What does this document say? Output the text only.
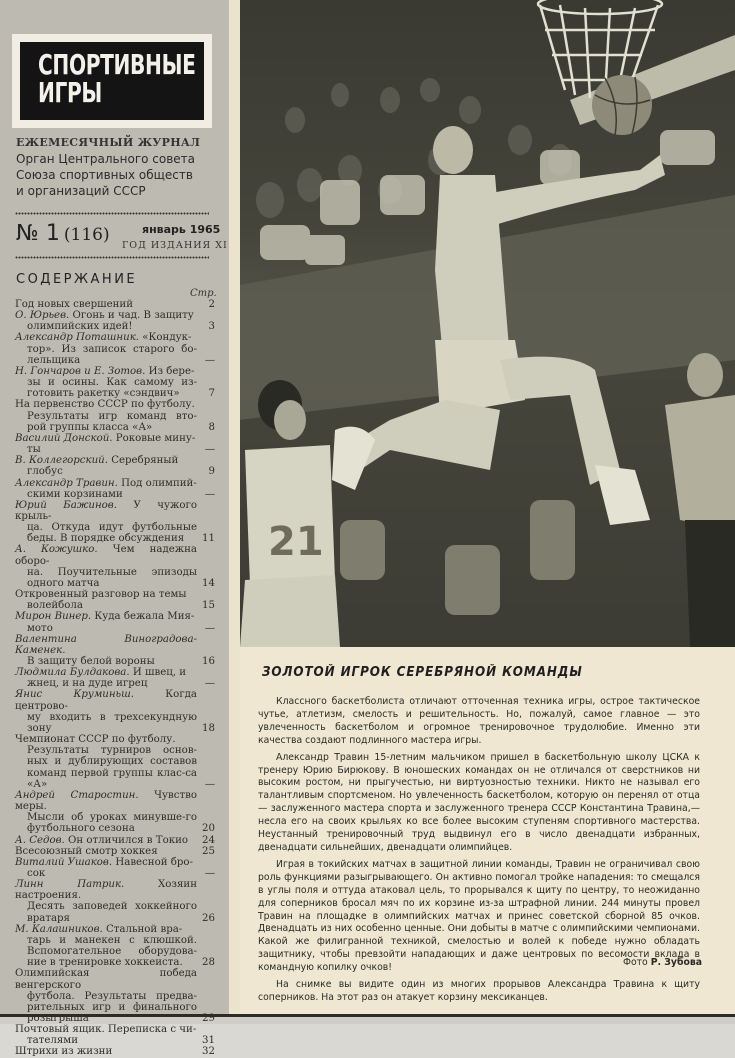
СПОРТИВНЫЕ
ИГРЫ
ЕЖЕМЕСЯЧНЫЙ ЖУРНАЛ
Орган Центрального совета
Союза спортивных обществ
и организаций СССР
№ 1 (116)	январь 1965
ГОД ИЗДАНИЯ XI
СОДЕРЖАНИЕ
Стр.
Год новых свершений	2
О. Юрьев. Огонь и чад. В защиту
олимпийских идей!	3
Александр Поташник. «Кондук-
тор». Из записок старого бо-лельщика	—
Н. Гончаров и Е. Зотов. Из бере-
зы и осины. Как самому из-готовить ракетку «сэндвич»	7
На первенство СССР по футболу.
Результаты игр команд вто-рой группы класса «А»	8
Василий Донской. Роковые мину-
ты	—
В. Коллегорский. Серебряный
глобус	9
Александр Травин. Под олимпий-
скими корзинами	—
Юрий Бажинов. У чужого крыль-
ца. Откуда идут футбольные беды. В порядке обсуждения	11
А. Кожушко. Чем надежна оборо-
на. Поучительные эпизоды одного матча	14
Откровенный разговор на темы
волейбола	15
Мирон Винер. Куда бежала Мия-
мото	—
Валентина Виноградова-Каменек.
В защиту белой вороны	16
Людмила Булдакова. И швец, и
жнец, и на дуде игрец	—
Янис Круминьш.	Когда центрово-
му входить в трехсекундную зону	18
Чемпионат СССР по футболу.
Результаты турниров основ-ных и дублирующих составов команд первой группы клас-са «А»	—
Андрей Старостин. Чувство меры.
Мысли об уроках минувше-го футбольного сезона	20
А. Седов. Он отличился в Токио 24
Всесоюзный смотр хоккея	25
Виталий Ушаков. Навесной бро-
сок	—
Линн Патрик.	Хозяин настроения.
Десять заповедей хоккейного вратаря	26
М. Калашников. Стальной вра-
тарь и манекен с клюшкой. Вспомогательное оборудова-ние в тренировке хоккеиста.	28
Олимпийская победа венгерского
футбола. Результаты предва-рительных игр и финального розыгрыша	29
Почтовый ящик. Переписка с чи-
тателями	31
Штрихи из жизни	32
21
ЗОЛОТОЙ ИГРОК СЕРЕБРЯНОЙ КОМАНДЫ

Классного баскетболиста отличают отточенная техника игры, острое тактическое чутье, атлетизм, смелость и решительность. Но, пожалуй, самое главное — это увлеченность баскетболом и огромное тренировочное трудолюбие. Именно эти качества создают подлинного мастера игры.

Александр Травин 15-летним мальчиком пришел в баскетбольную школу ЦСКА к тренеру Юрию Бирюкову. В юношеских командах он не отличался от сверстников ни высоким ростом, ни прыгучестью, ни виртуозностью техники. Никто не называл его талантливым спортсменом. Но увлеченность баскетболом, которую он перенял от отца — заслуженного мастера спорта и заслуженного тренера СССР Константина Травина,— несла его на своих крыльях ко все более высоким ступеням спортивного мастерства. Неустанный тренировочный труд выдвинул его в число двенадцати избранных, двенадцати сильнейших, двенадцати олимпийцев.

Играя в токийских матчах в защитной линии команды, Травин не ограничивал свою роль функциями разыгрывающего. Он активно помогал тройке нападения: то смещался в углы поля и оттуда атаковал цель, то прорывался к щиту по центру, то неожиданно для соперников бросал мяч по их корзине из-за штрафной линии. 244 минуты провел Травин на площадке в олимпийских матчах и принес советской сборной 85 очков. Двенадцать из них особенно ценные. Они добыты в матче с олимпийскими чемпионами. Какой же филигранной техникой, смелостью и волей к победе нужно обладать защитнику, чтобы превзойти нападающих и даже центровых по весомости вклада в командную копилку очков!

На снимке вы видите один из многих прорывов Александра Травина к щиту соперников. На этот раз он атакует корзину мексиканцев.

Фото Р. Зубова
